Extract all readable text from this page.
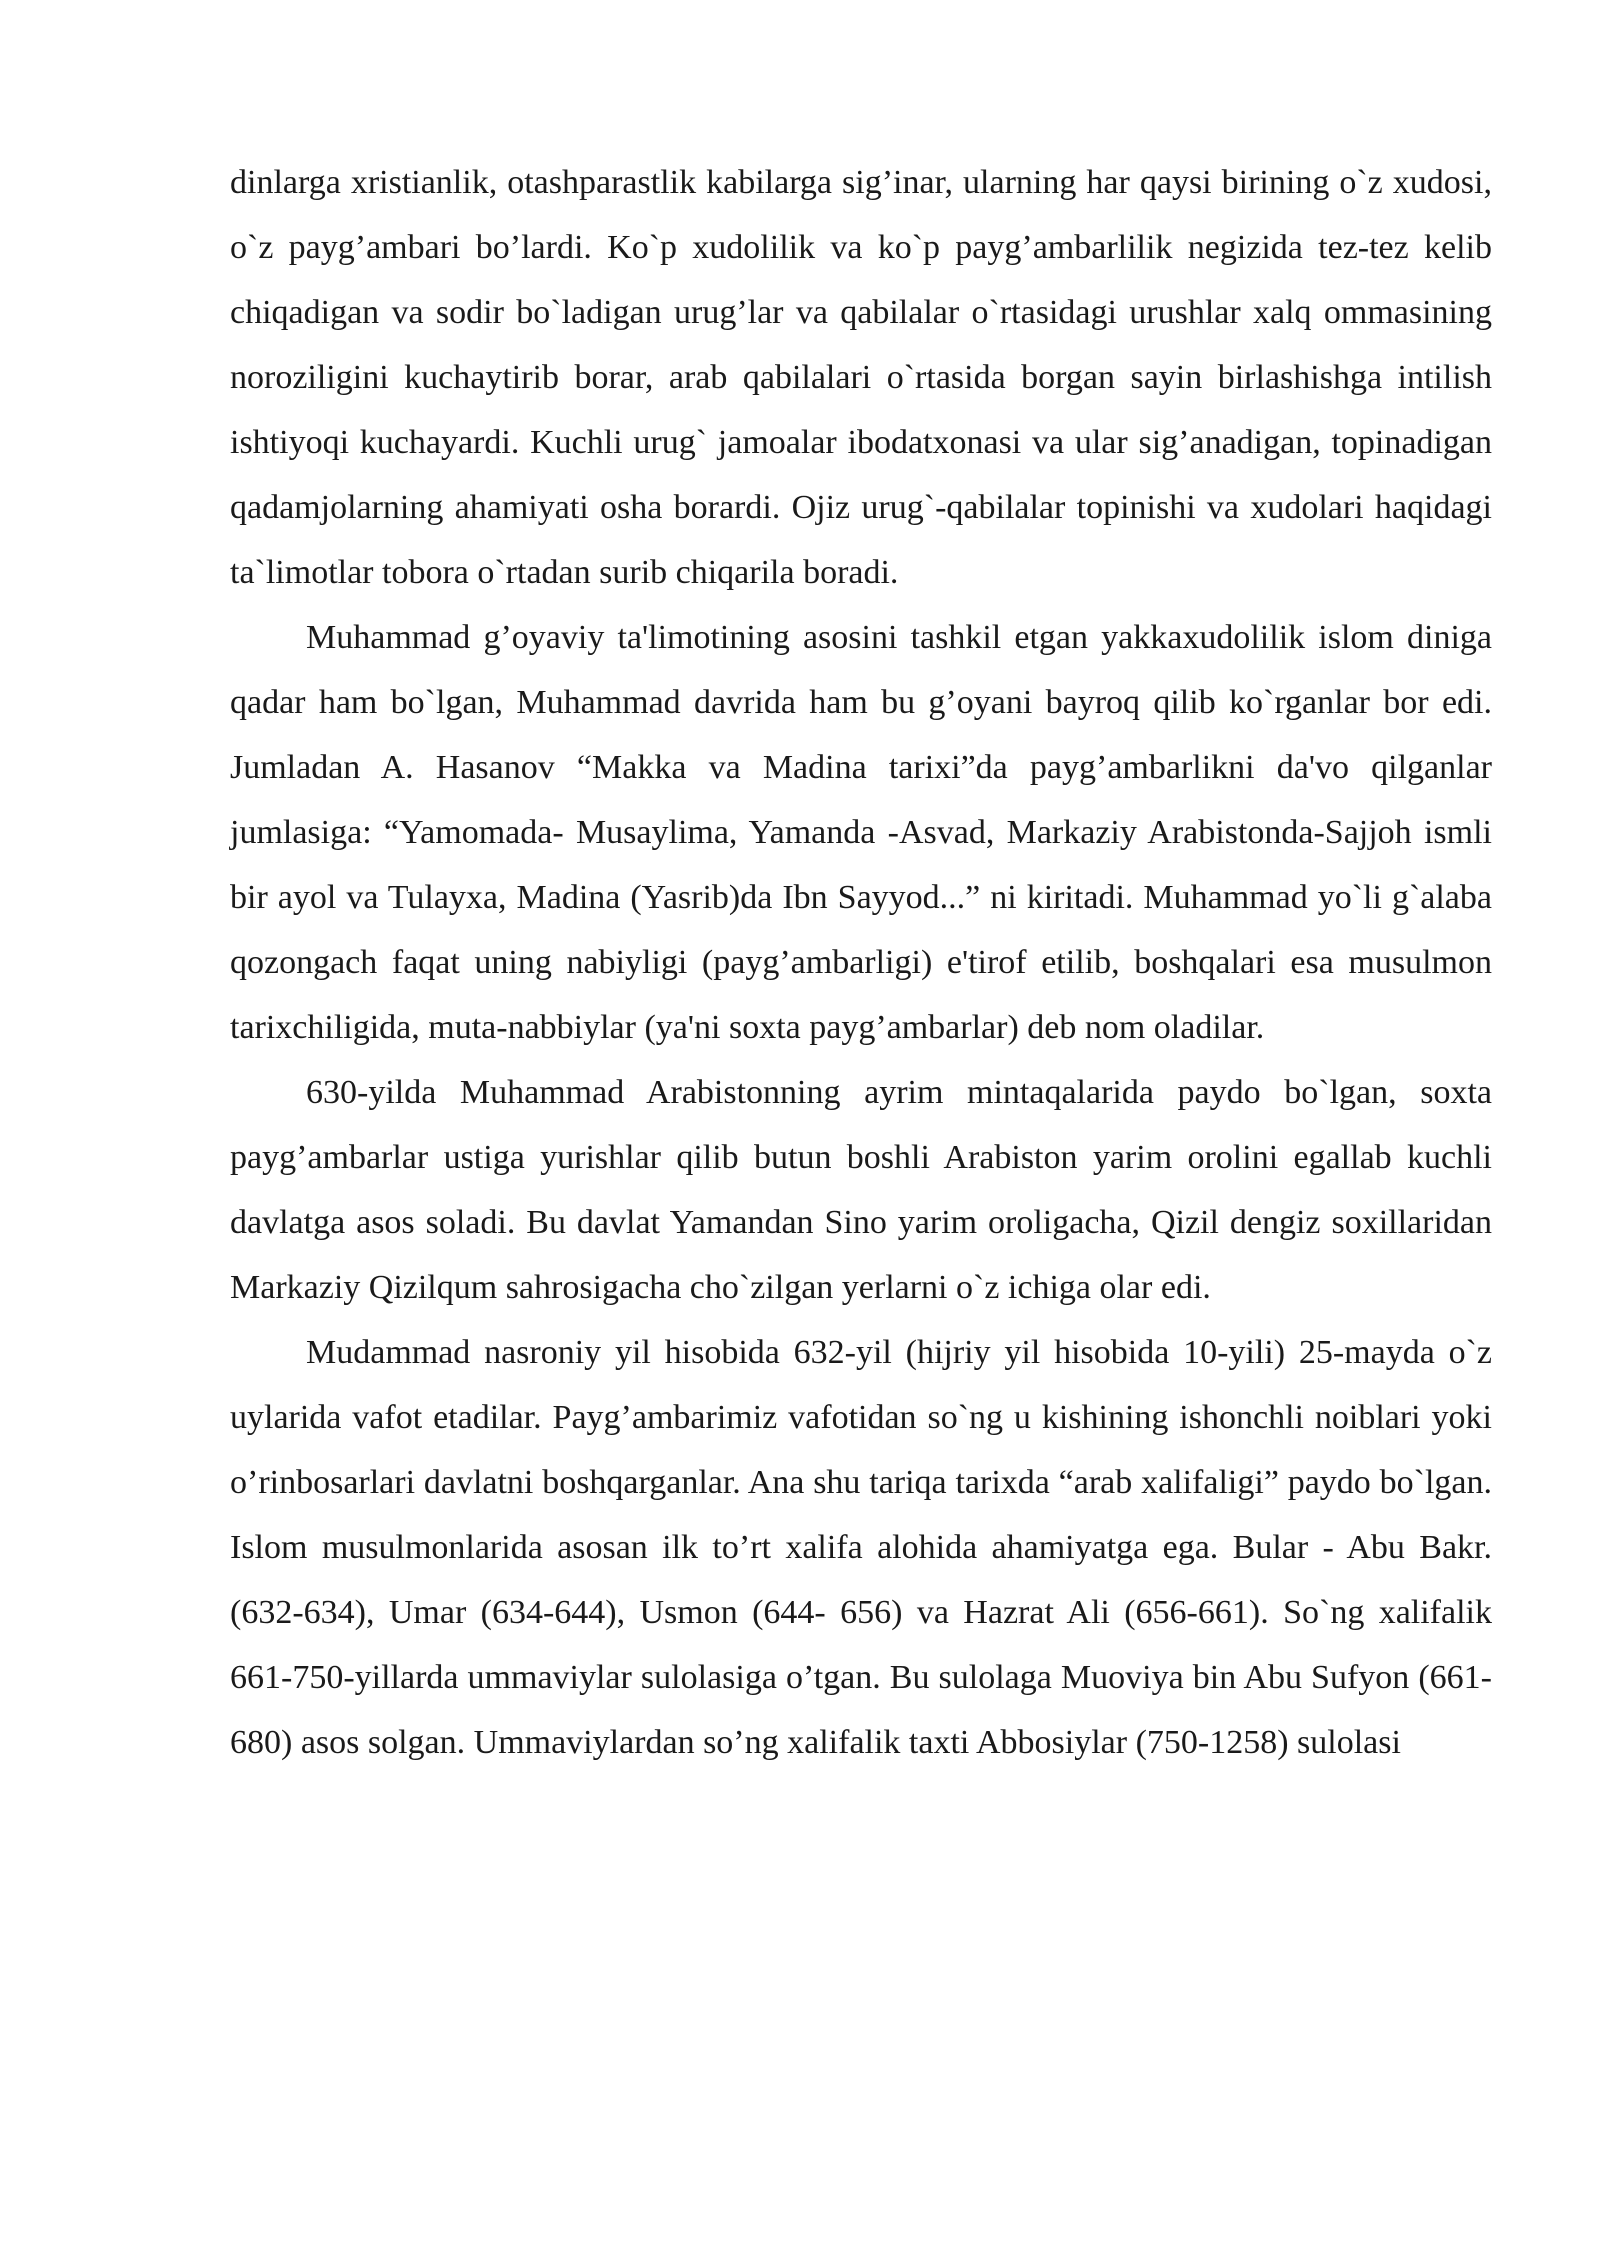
dinlarga xristianlik, otashparastlik kabilarga sig’inar, ularning har qaysi birining o`z xudosi, o`z payg’ambari bo’lardi. Ko`p xudolilik va ko`p payg’ambarlilik negizida tez-tez kelib chiqadigan va sodir bo`ladigan urug’lar va qabilalar o`rtasidagi urushlar xalq ommasining noroziligini kuchaytirib borar, arab qabilalari o`rtasida borgan sayin birlashishga intilish ishtiyoqi kuchayardi. Kuchli urug` jamoalar ibodatxonasi va ular sig’anadigan, topinadigan qadamjolarning ahamiyati osha borardi. Ojiz urug`-qabilalar topinishi va xudolari haqidagi ta`limotlar tobora o`rtadan surib chiqarila boradi.

Muhammad g’oyaviy ta'limotining asosini tashkil etgan yakkaxudolilik islom diniga qadar ham bo`lgan, Muhammad davrida ham bu g’oyani bayroq qilib ko`rganlar bor edi. Jumladan A. Hasanov “Makka va Madina tarixi”da payg’ambarlikni da'vo qilganlar jumlasiga: “Yamomada- Musaylima, Yamanda -Asvad, Markaziy Arabistonda-Sajjoh ismli bir ayol va Tulayxa, Madina (Yasrib)da Ibn Sayyod...” ni kiritadi. Muhammad yo`li g`alaba qozongach faqat uning nabiyligi (payg’ambarligi) e'tirof etilib, boshqalari esa musulmon tarixchiligida, muta-nabbiylar (ya'ni soxta payg’ambarlar) deb nom oladilar.

630-yilda Muhammad Arabistonning ayrim mintaqalarida paydo bo`lgan, soxta payg’ambarlar ustiga yurishlar qilib butun boshli Arabiston yarim orolini egallab kuchli davlatga asos soladi. Bu davlat Yamandan Sino yarim oroligacha, Qizil dengiz soxillaridan Markaziy Qizilqum sahrosigacha cho`zilgan yerlarni o`z ichiga olar edi.

Mudammad nasroniy yil hisobida 632-yil (hijriy yil hisobida 10-yili) 25-mayda o`z uylarida vafot etadilar. Payg’ambarimiz vafotidan so`ng u kishining ishonchli noiblari yoki o’rinbosarlari davlatni boshqarganlar. Ana shu tariqa tarixda “arab xalifaligi” paydo bo`lgan. Islom musulmonlarida asosan ilk to’rt xalifa alohida ahamiyatga ega. Bular - Abu Bakr. (632-634), Umar (634-644), Usmon (644- 656) va Hazrat Ali (656-661). So`ng xalifalik 661-750-yillarda ummaviylar sulolasiga o’tgan. Bu sulolaga Muoviya bin Abu Sufyon (661-680) asos solgan. Ummaviylardan so’ng xalifalik taxti Abbosiylar (750-1258) sulolasi
